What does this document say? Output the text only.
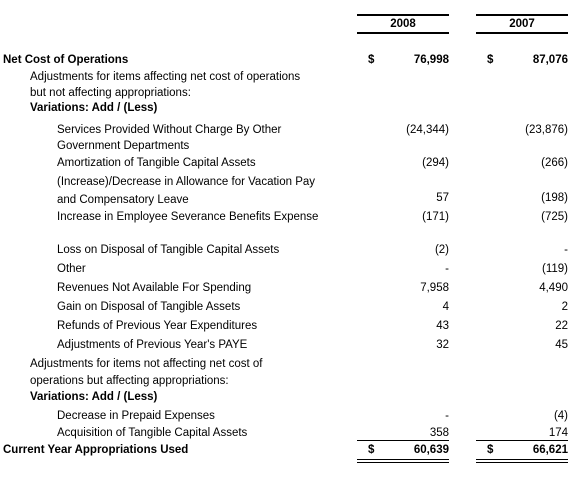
2008	2007
Net Cost of Operations	$	76,998	$	87,076
Adjustments for items affecting net cost of operations
but not affecting appropriations:
Variations: Add / (Less)
Services Provided Without Charge By Other
Government Departments
(24,344)	(23,876)
Amortization of Tangible Capital Assets	(294)	(266)
(Increase)/Decrease in Allowance for Vacation Pay
and Compensatory Leave	57	(198)
Increase in Employee Severance Benefits Expense	(171)	(725)
Loss on Disposal of Tangible Capital Assets	(2)	-
Other	-	(119)
Revenues Not Available For Spending	7,958	4,490
Gain on Disposal of Tangible Assets	4	2
Refunds of Previous Year Expenditures	43	22
Adjustments of Previous Year's PAYE	32	45
Adjustments for items not affecting net cost of
operations but affecting appropriations:
Variations: Add / (Less)
Decrease in Prepaid Expenses	-	(4)
Acquisition of Tangible Capital Assets	358	174
Current Year Appropriations Used	$	60,639	$	66,621
